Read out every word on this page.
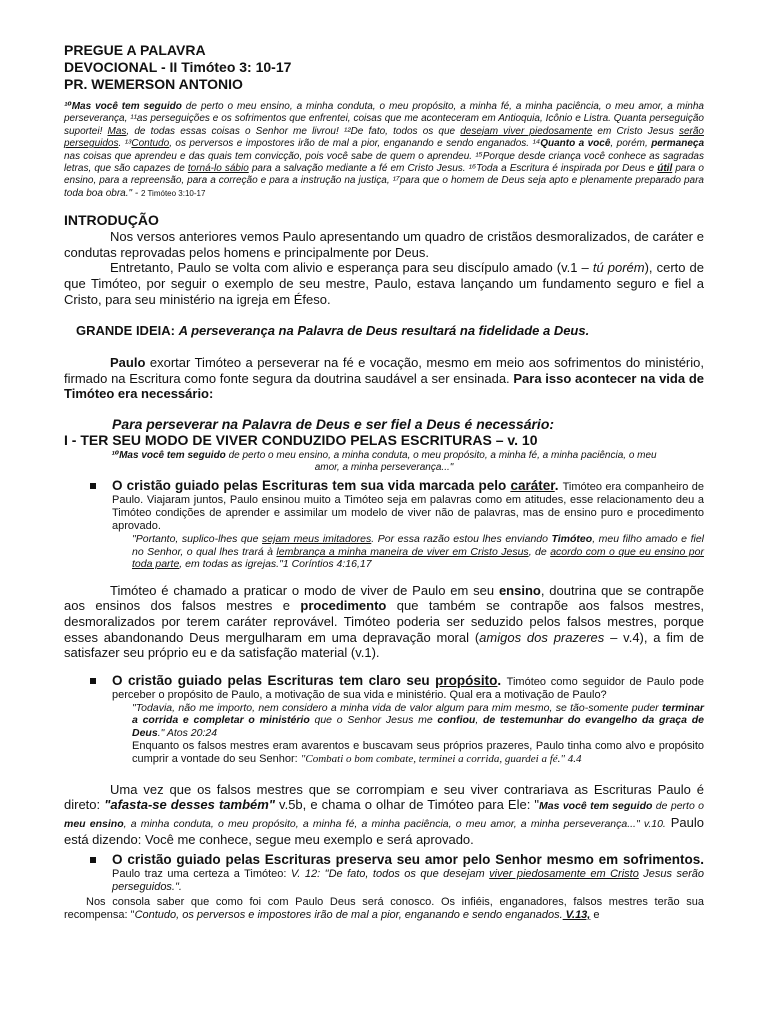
PREGUE A PALAVRA

DEVOCIONAL - II Timóteo 3: 10-17

PR. WEMERSON ANTONIO

¹⁰Mas você tem seguido de perto o meu ensino, a minha conduta, o meu propósito, a minha fé, a minha paciência, o meu amor, a minha perseverança, ¹¹as perseguições e os sofrimentos que enfrentei, coisas que me aconteceram em Antioquia, Icônio e Listra. Quanta perseguição suportei! Mas, de todas essas coisas o Senhor me livrou! ¹²De fato, todos os que desejam viver piedosamente em Cristo Jesus serão perseguidos. ¹³Contudo, os perversos e impostores irão de mal a pior, enganando e sendo enganados. ¹⁴Quanto a você, porém, permaneça nas coisas que aprendeu e das quais tem convicção, pois você sabe de quem o aprendeu. ¹⁵Porque desde criança você conhece as sagradas letras, que são capazes de torná-lo sábio para a salvação mediante a fé em Cristo Jesus. ¹⁶Toda a Escritura é inspirada por Deus e útil para o ensino, para a repreensão, para a correção e para a instrução na justiça, ¹⁷para que o homem de Deus seja apto e plenamente preparado para toda boa obra." - 2 Timóteo 3:10-17

INTRODUÇÃO

Nos versos anteriores vemos Paulo apresentando um quadro de cristãos desmoralizados, de caráter e condutas reprovadas pelos homens e principalmente por Deus.

Entretanto, Paulo se volta com alivio e esperança para seu discípulo amado (v.1 – tú porém), certo de que Timóteo, por seguir o exemplo de seu mestre, Paulo, estava lançando um fundamento seguro e fiel a Cristo, para seu ministério na igreja em Éfeso.

GRANDE IDEIA: A perseverança na Palavra de Deus resultará na fidelidade a Deus.

Paulo exortar Timóteo a perseverar na fé e vocação, mesmo em meio aos sofrimentos do ministério, firmado na Escritura como fonte segura da doutrina saudável a ser ensinada. Para isso acontecer na vida de Timóteo era necessário:

Para perseverar na Palavra de Deus e ser fiel a Deus é necessário:

I - TER SEU MODO DE VIVER CONDUZIDO PELAS ESCRITURAS – v. 10

¹⁰Mas você tem seguido de perto o meu ensino, a minha conduta, o meu propósito, a minha fé, a minha paciência, o meu amor, a minha perseverança..."

O cristão guiado pelas Escrituras tem sua vida marcada pelo caráter. Timóteo era companheiro de Paulo. Viajaram juntos, Paulo ensinou muito a Timóteo seja em palavras como em atitudes, esse relacionamento deu a Timóteo condições de aprender e assimilar um modelo de viver não de palavras, mas de ensino puro e procedimento aprovado.

"Portanto, suplico-lhes que sejam meus imitadores. Por essa razão estou lhes enviando Timóteo, meu filho amado e fiel no Senhor, o qual lhes trará à lembrança a minha maneira de viver em Cristo Jesus, de acordo com o que eu ensino por toda parte, em todas as igrejas."1 Coríntios 4:16,17

Timóteo é chamado a praticar o modo de viver de Paulo em seu ensino, doutrina que se contrapõe aos ensinos dos falsos mestres e procedimento que também se contrapõe aos falsos mestres, desmoralizados por terem caráter reprovável. Timóteo poderia ser seduzido pelos falsos mestres, porque esses abandonando Deus mergulharam em uma depravação moral (amigos dos prazeres – v.4), a fim de satisfazer seu próprio eu e da satisfação material (v.1).

O cristão guiado pelas Escrituras tem claro seu propósito. Timóteo como seguidor de Paulo pode perceber o propósito de Paulo, a motivação de sua vida e ministério. Qual era a motivação de Paulo?

"Todavia, não me importo, nem considero a minha vida de valor algum para mim mesmo, se tão-somente puder terminar a corrida e completar o ministério que o Senhor Jesus me confiou, de testemunhar do evangelho da graça de Deus." Atos 20:24

Enquanto os falsos mestres eram avarentos e buscavam seus próprios prazeres, Paulo tinha como alvo e propósito cumprir a vontade do seu Senhor: "Combati o bom combate, terminei a corrida, guardei a fé." 4.4

Uma vez que os falsos mestres que se corrompiam e seu viver contrariava as Escrituras Paulo é direto: "afasta-se desses também" v.5b, e chama o olhar de Timóteo para Ele: "Mas você tem seguido de perto o meu ensino, a minha conduta, o meu propósito, a minha fé, a minha paciência, o meu amor, a minha perseverança..." v.10. Paulo está dizendo: Você me conhece, segue meu exemplo e será aprovado.

O cristão guiado pelas Escrituras preserva seu amor pelo Senhor mesmo em sofrimentos. Paulo traz uma certeza a Timóteo: V. 12: "De fato, todos os que desejam viver piedosamente em Cristo Jesus serão perseguidos.".

Nos consola saber que como foi com Paulo Deus será conosco. Os infiéis, enganadores, falsos mestres terão sua recompensa: "Contudo, os perversos e impostores irão de mal a pior, enganando e sendo enganados. V.13, e
